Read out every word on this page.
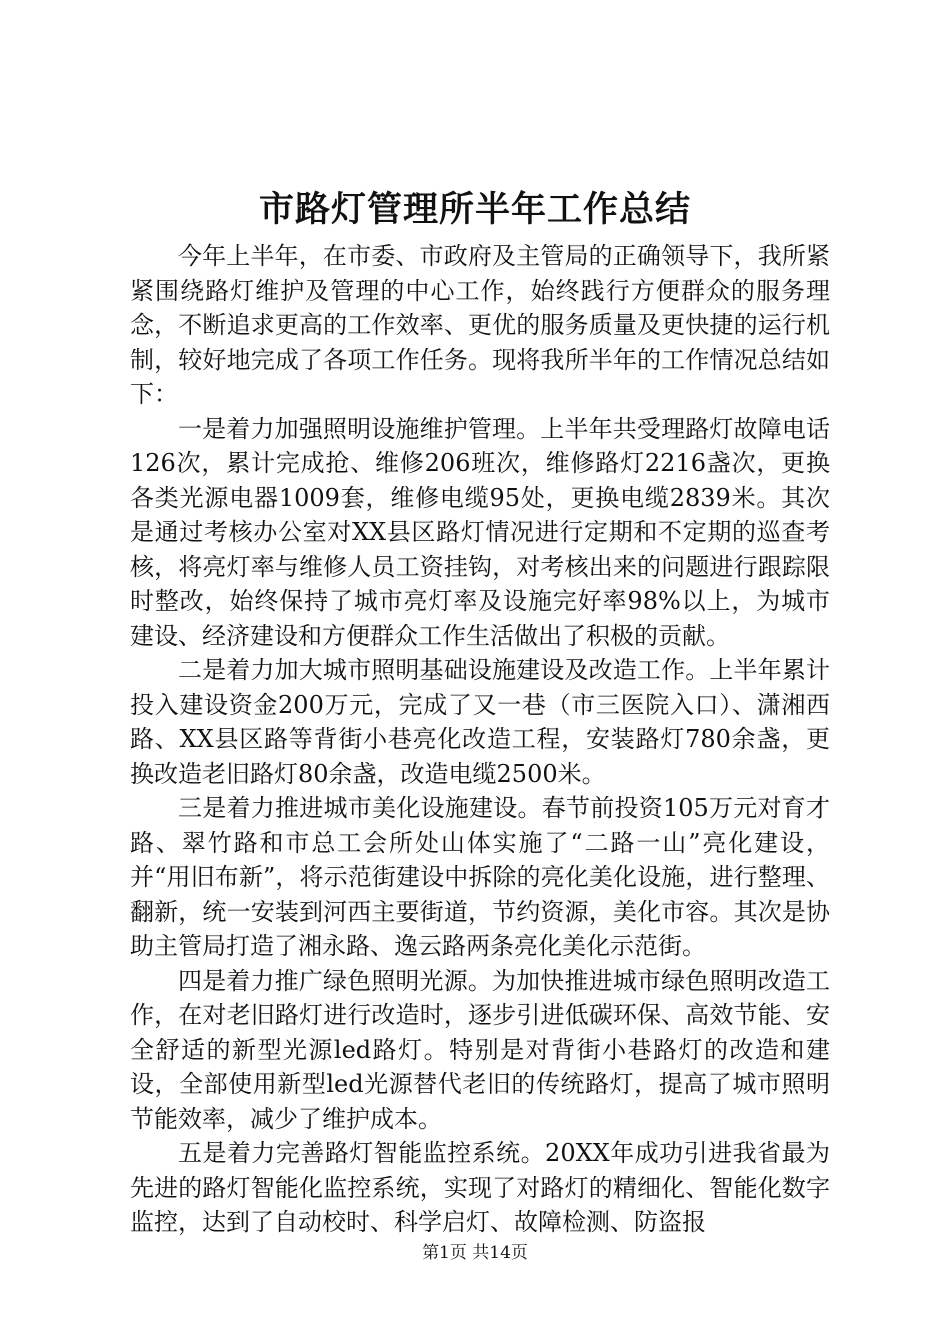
市路灯管理所半年工作总结

今年上半年，在市委、市政府及主管局的正确领导下，我所紧紧围绕路灯维护及管理的中心工作，始终践行方便群众的服务理念，不断追求更高的工作效率、更优的服务质量及更快捷的运行机制，较好地完成了各项工作任务。现将我所半年的工作情况总结如下：

一是着力加强照明设施维护管理。上半年共受理路灯故障电话126次，累计完成抢、维修206班次，维修路灯2216盏次，更换各类光源电器1009套，维修电缆95处，更换电缆2839米。其次是通过考核办公室对XX县区路灯情况进行定期和不定期的巡查考核，将亮灯率与维修人员工资挂钩，对考核出来的问题进行跟踪限时整改，始终保持了城市亮灯率及设施完好率98%以上，为城市建设、经济建设和方便群众工作生活做出了积极的贡献。

二是着力加大城市照明基础设施建设及改造工作。上半年累计投入建设资金200万元，完成了又一巷（市三医院入口）、潇湘西路、XX县区路等背街小巷亮化改造工程，安装路灯780余盏，更换改造老旧路灯80余盏，改造电缆2500米。

三是着力推进城市美化设施建设。春节前投资105万元对育才路、翠竹路和市总工会所处山体实施了“二路一山”亮化建设，并“用旧布新”，将示范街建设中拆除的亮化美化设施，进行整理、翻新，统一安装到河西主要街道，节约资源，美化市容。其次是协助主管局打造了湘永路、逸云路两条亮化美化示范街。

四是着力推广绿色照明光源。为加快推进城市绿色照明改造工作，在对老旧路灯进行改造时，逐步引进低碳环保、高效节能、安全舒适的新型光源led路灯。特别是对背街小巷路灯的改造和建设，全部使用新型led光源替代老旧的传统路灯，提高了城市照明节能效率，减少了维护成本。

五是着力完善路灯智能监控系统。20XX年成功引进我省最为先进的路灯智能化监控系统，实现了对路灯的精细化、智能化数字监控，达到了自动校时、科学启灯、故障检测、防盗报

第1页 共14页
